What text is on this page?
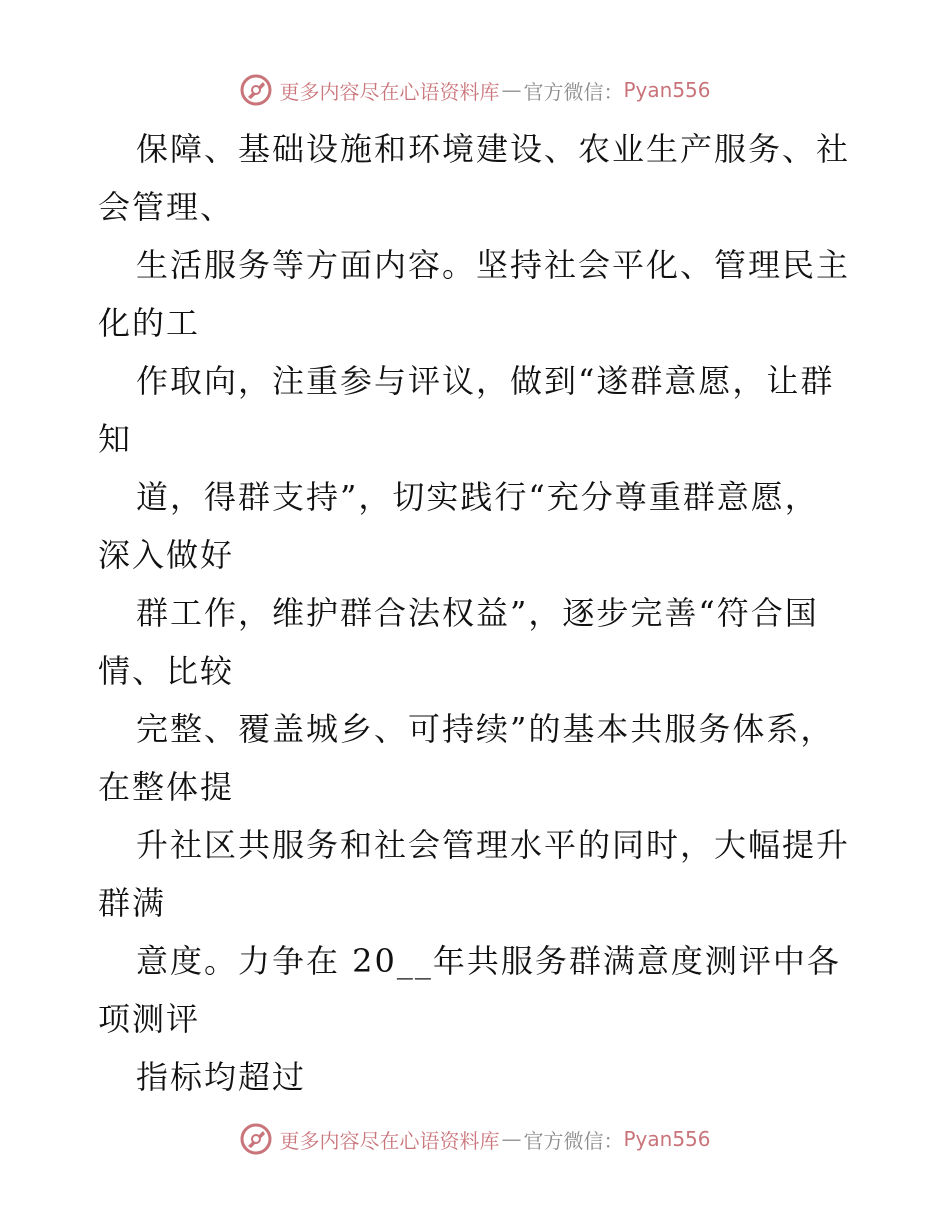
更多内容尽在心语资料库 — 官方微信： Pyan556
保障、基础设施和环境建设、农业生产服务、社
会管理、
生活服务等方面内容。坚持社会平化、管理民主
化的工
作取向，注重参与评议，做到“遂群意愿，让群
知
道，得群支持”，切实践行“充分尊重群意愿，
深入做好
群工作，维护群合法权益”，逐步完善“符合国
情、比较
完整、覆盖城乡、可持续”的基本共服务体系，
在整体提
升社区共服务和社会管理水平的同时，大幅提升
群满
意度。力争在 20__年共服务群满意度测评中各
项测评
指标均超过
更多内容尽在心语资料库 — 官方微信： Pyan556
